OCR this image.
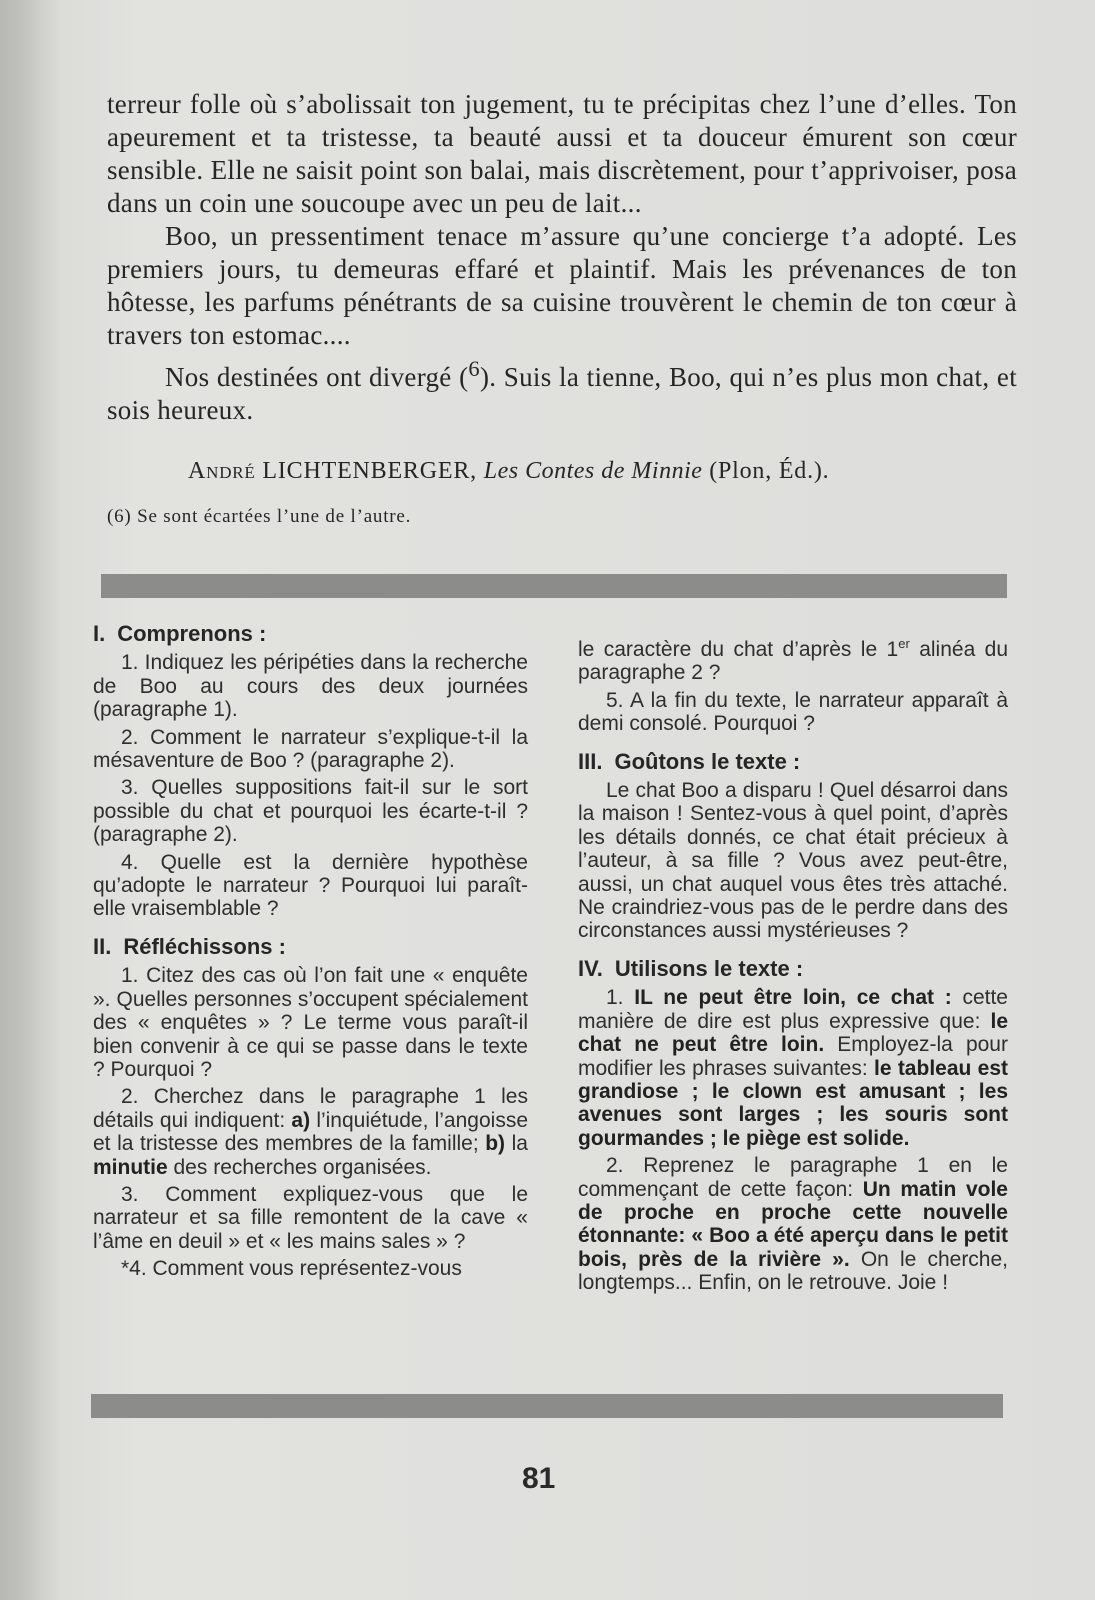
terreur folle où s’abolissait ton jugement, tu te précipitas chez l’une d’elles. Ton apeurement et ta tristesse, ta beauté aussi et ta douceur émurent son cœur sensible. Elle ne saisit point son balai, mais discrètement, pour t’apprivoiser, posa dans un coin une soucoupe avec un peu de lait...

Boo, un pressentiment tenace m’assure qu’une concierge t’a adopté. Les premiers jours, tu demeuras effaré et plaintif. Mais les prévenances de ton hôtesse, les parfums pénétrants de sa cuisine trouvèrent le chemin de ton cœur à travers ton estomac....

Nos destinées ont divergé ($^6$). Suis la tienne, Boo, qui n’es plus mon chat, et sois heureux.

André LICHTENBERGER, Les Contes de Minnie (Plon, Éd.).
(6) Se sont écartées l’une de l’autre.
I. Comprenons :

1. Indiquez les péripéties dans la recherche de Boo au cours des deux journées (paragraphe 1).

2. Comment le narrateur s’explique-t-il la mésaventure de Boo ? (paragraphe 2).

3. Quelles suppositions fait-il sur le sort possible du chat et pourquoi les écarte-t-il ? (paragraphe 2).

4. Quelle est la dernière hypothèse qu’adopte le narrateur ? Pourquoi lui paraît-elle vraisemblable ?

II. Réfléchissons :

1. Citez des cas où l’on fait une « enquête ». Quelles personnes s’occupent spécialement des « enquêtes » ? Le terme vous paraît-il bien convenir à ce qui se passe dans le texte ? Pourquoi ?

2. Cherchez dans le paragraphe 1 les détails qui indiquent: a) l’inquiétude, l’angoisse et la tristesse des membres de la famille; b) la minutie des recherches organisées.

3. Comment expliquez-vous que le narrateur et sa fille remontent de la cave « l’âme en deuil » et « les mains sales » ?

*4. Comment vous représentez-vous

le caractère du chat d’après le 1er alinéa du paragraphe 2 ?

5. A la fin du texte, le narrateur apparaît à demi consolé. Pourquoi ?

III. Goûtons le texte :

Le chat Boo a disparu ! Quel désarroi dans la maison ! Sentez-vous à quel point, d’après les détails donnés, ce chat était précieux à l’auteur, à sa fille ? Vous avez peut-être, aussi, un chat auquel vous êtes très attaché. Ne craindriez-vous pas de le perdre dans des circonstances aussi mystérieuses ?

IV. Utilisons le texte :

1. IL ne peut être loin, ce chat : cette manière de dire est plus expressive que: le chat ne peut être loin. Employez-la pour modifier les phrases suivantes: le tableau est grandiose ; le clown est amusant ; les avenues sont larges ; les souris sont gourmandes ; le piège est solide.

2. Reprenez le paragraphe 1 en le commençant de cette façon: Un matin vole de proche en proche cette nouvelle étonnante: « Boo a été aperçu dans le petit bois, près de la rivière ». On le cherche, longtemps... Enfin, on le retrouve. Joie !

81
